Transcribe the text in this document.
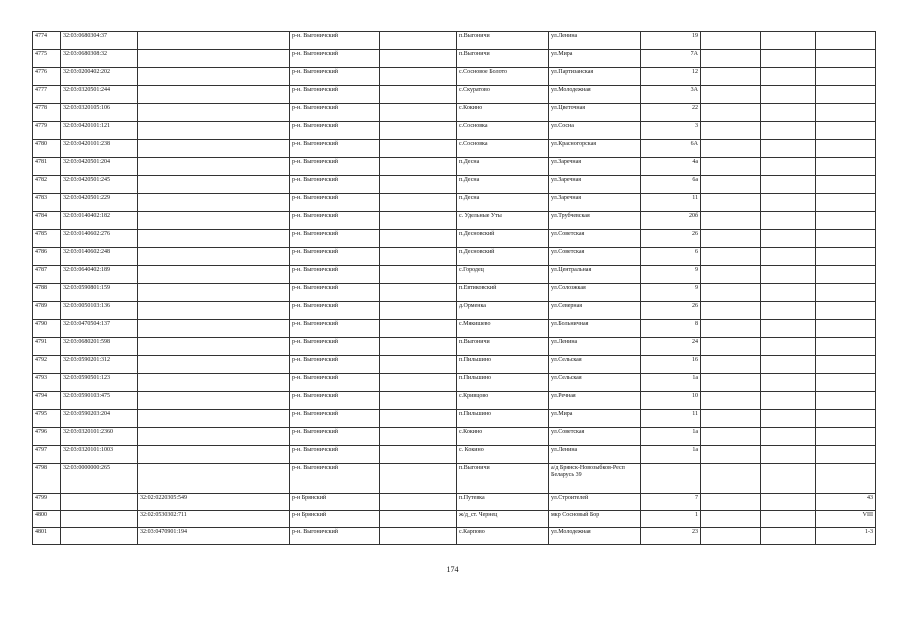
4774	32:03:0680304:37		р-н. Выгоничский		п.Выгоничи	ул.Ленина	19			
4775	32:03:0680308:32		р-н. Выгоничский		п.Выгоничи	ул.Мира	7А			
4776	32:03:0200402:202		р-н. Выгоничский		с.Сосновое Болото	ул.Партизанская	12			
4777	32:03:0320501:244		р-н. Выгоничский		с.Скуратово	ул.Молодежная	3А			
4778	32:03:0320105:106		р-н. Выгоничский		с.Кокино	ул.Цветочная	22			
4779	32:03:0420101:121		р-н. Выгоничский		с.Сосновка	ул.Сосна	3			
4780	32:03:0420101:238		р-н. Выгоничский		с.Сосновка	ул.Красногорская	6А			
4781	32:03:0420501:204		р-н. Выгоничский		п.Десна	ул.Заречная	4а			
4782	32:03:0420501:245		р-н. Выгоничский		п.Десна	ул.Заречная	6а			
4783	32:03:0420501:229		р-н. Выгоничский		п.Десна	ул.Заречная	11			
4784	32:03:0140402:182		р-н. Выгоничский		с. Удельные Уты	ул.Трубчевская	20б			
4785	32:03:0140602:276		р-н. Выгоничский		п.Десновский	ул.Советская	26			
4786	32:03:0140602:248		р-н. Выгоничский		п.Десновский	ул.Советская	6			
4787	32:03:0640402:189		р-н. Выгоничский		с.Городец	ул.Центральная	9			
4788	32:03:0590801:159		р-н. Выгоничский		п.Евтиковский	ул.Солозжкая	9			
4789	32:03:0050103:136		р-н. Выгоничский		д.Орменка	ул.Северная	26			
4790	32:03:0470504:137		р-н. Выгоничский		с.Мякишево	ул.Больничная	8			
4791	32:03:0680201:598		р-н. Выгоничский		п.Выгоничи	ул.Ленина	24			
4792	32:03:0590201:312		р-н. Выгоничский		п.Пильшино	ул.Сельская	16			
4793	32:03:0590501:123		р-н. Выгоничский		п.Пильшино	ул.Сельская	1а			
4794	32:03:0590103:475		р-н. Выгоничский		с.Кривцово	ул.Речная	10			
4795	32:03:0590203:204		р-н. Выгоничский		п.Пильшино	ул.Мира	11			
4796	32:03:0320101:2360		р-н. Выгоничский		с.Кокино	ул.Советская	1а			
4797	32:03:0320101:1003		р-н. Выгоничский		с. Кокино	ул.Ленина	1а			
4798	32:03:0000000:265		р-н. Выгоничский		п.Выгоничи	а/д Брянск-Новозыбков-Респ Беларусь 39				
4799		32:02:0220305:549	р-н Брянский		п.Путевка	ул.Строителей	7			43
4800		32:02:0530302:711	р-н Брянский		ж/д_ст. Чернец	мкр Сосновый Бор	1			VIII
4801		32:03:0470901:194	р-н. Выгоничский		с.Карпово	ул.Молодежная	23			1-3
174
